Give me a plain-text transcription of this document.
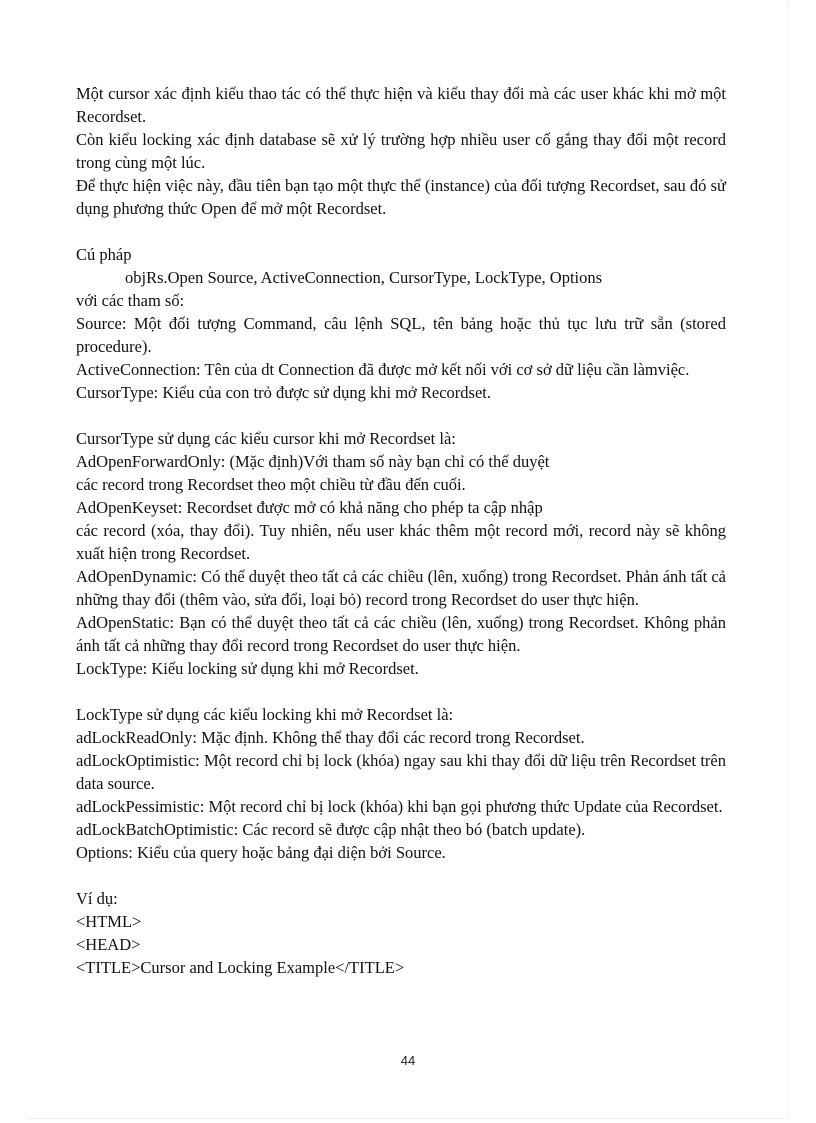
Một cursor xác định kiểu thao tác có thể thực hiện và kiểu thay đổi mà các user khác khi mở một Recordset.

Còn kiểu locking xác định database sẽ xử lý trường hợp nhiều user cố gắng thay đổi một record trong cùng một lúc.

Để thực hiện việc này, đầu tiên bạn tạo một thực thể (instance) của đối tượng Recordset, sau đó sử dụng phương thức Open để mở một Recordset.

Cú pháp

objRs.Open Source, ActiveConnection, CursorType, LockType, Options

với các tham số:

Source: Một đối tượng Command, câu lệnh SQL, tên bảng hoặc thủ tục lưu trữ sẵn (stored procedure).

ActiveConnection: Tên của dt Connection đã được mở kết nối với cơ sở dữ liệu cần làmviệc.

CursorType: Kiểu của con trỏ được sử dụng khi mở Recordset.

CursorType sử dụng các kiểu cursor khi mở Recordset là:

AdOpenForwardOnly: (Mặc định)Với tham số này bạn chỉ có thể duyệt

các record trong Recordset theo một chiều từ đầu đến cuối.

AdOpenKeyset: Recordset được mở có khả năng cho phép ta cập nhập

các record (xóa, thay đổi). Tuy nhiên, nếu user khác thêm một record mới, record này sẽ không xuất hiện trong Recordset.

AdOpenDynamic: Có thể duyệt theo tất cả các chiều (lên, xuống) trong Recordset. Phản ánh tất cả những thay đổi (thêm vào, sửa đổi, loại bỏ) record trong Recordset do user thực hiện.

AdOpenStatic: Bạn có thể duyệt theo tất cả các chiều (lên, xuống) trong Recordset. Không phản ánh tất cả những thay đổi record trong Recordset do user thực hiện.

LockType: Kiểu locking sử dụng khi mở Recordset.

LockType sử dụng các kiểu locking khi mở Recordset là:

adLockReadOnly: Mặc định. Không thể thay đổi các record trong Recordset.

adLockOptimistic: Một record chỉ bị lock (khóa) ngay sau khi thay đổi dữ liệu trên Recordset trên data source.

adLockPessimistic: Một record chỉ bị lock (khóa) khi bạn gọi phương thức Update của Recordset.

adLockBatchOptimistic: Các record sẽ được cập nhật theo bó (batch update).

Options: Kiểu của query hoặc bảng đại diện bởi Source.

Ví dụ:

<HTML>

<HEAD>

<TITLE>Cursor and Locking Example</TITLE>

44
